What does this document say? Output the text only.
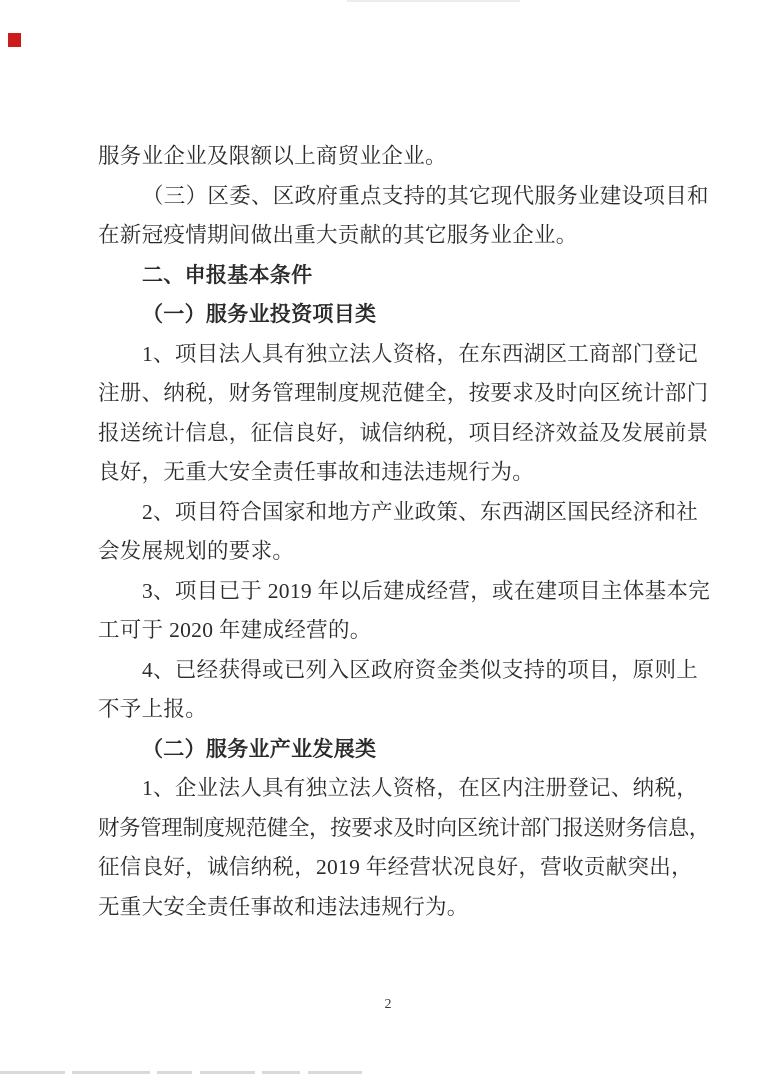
服务业企业及限额以上商贸业企业。

（三）区委、区政府重点支持的其它现代服务业建设项目和

在新冠疫情期间做出重大贡献的其它服务业企业。

二、申报基本条件

（一）服务业投资项目类

1、项目法人具有独立法人资格，在东西湖区工商部门登记

注册、纳税，财务管理制度规范健全，按要求及时向区统计部门

报送统计信息，征信良好，诚信纳税，项目经济效益及发展前景

良好，无重大安全责任事故和违法违规行为。

2、项目符合国家和地方产业政策、东西湖区国民经济和社

会发展规划的要求。

3、项目已于 2019 年以后建成经营，或在建项目主体基本完

工可于 2020 年建成经营的。

4、已经获得或已列入区政府资金类似支持的项目，原则上

不予上报。

（二）服务业产业发展类

1、企业法人具有独立法人资格，在区内注册登记、纳税，

财务管理制度规范健全，按要求及时向区统计部门报送财务信息，

征信良好，诚信纳税，2019 年经营状况良好，营收贡献突出，

无重大安全责任事故和违法违规行为。

2
